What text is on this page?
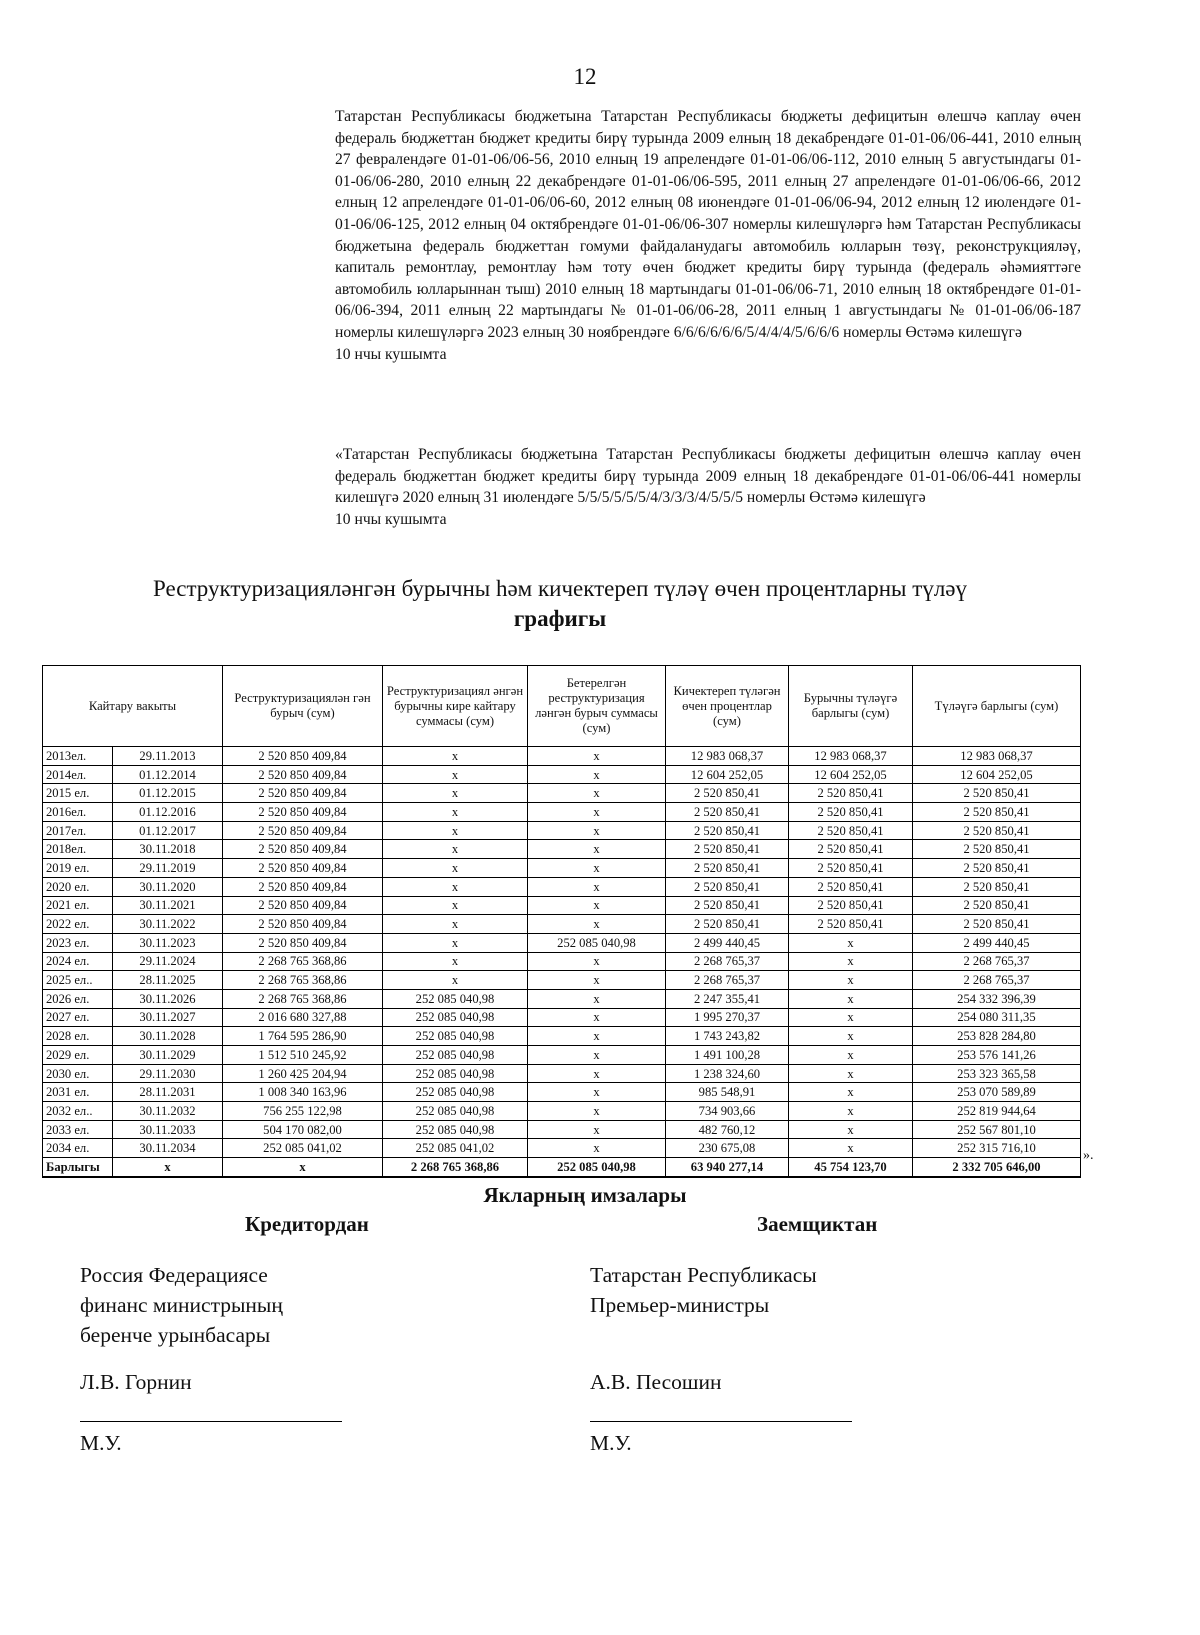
12

Татарстан Республикасы бюджетына Татарстан Республикасы бюджеты дефицитын өлешчә каплау өчен федераль бюджеттан бюджет кредиты бирү турында 2009 елның 18 декабрендәге 01-01-06/06-441, 2010 елның 27 февралендәге 01-01-06/06-56, 2010 елның 19 апрелендәге 01-01-06/06-112, 2010 елның 5 августындагы 01-01-06/06-280, 2010 елның 22 декабрендәге 01-01-06/06-595, 2011 елның 27 апрелендәге 01-01-06/06-66, 2012 елның 12 апрелендәге 01-01-06/06-60, 2012 елның 08 июнендәге 01-01-06/06-94, 2012 елның 12 июлендәге 01-01-06/06-125, 2012 елның 04 октябрендәге 01-01-06/06-307 номерлы килешүләргә һәм Татарстан Республикасы бюджетына федераль бюджеттан гомуми файдаланудагы автомобиль юлларын төзү, реконструкцияләү, капиталь ремонтлау, ремонтлау һәм тоту өчен бюджет кредиты бирү турында (федераль әһәмияттәге автомобиль юлларыннан тыш) 2010 елның 18 мартындагы 01-01-06/06-71, 2010 елның 18 октябрендәге 01-01-06/06-394, 2011 елның 22 мартындагы № 01-01-06/06-28, 2011 елның 1 августындагы № 01-01-06/06-187 номерлы килешүләргә 2023 елның 30 ноябрендәге 6/6/6/6/6/6/5/4/4/4/5/6/6/6 номерлы Өстәмә килешүгә

10 нчы кушымта

«Татарстан Республикасы бюджетына Татарстан Республикасы бюджеты дефицитын өлешчә каплау өчен федераль бюджеттан бюджет кредиты бирү турында 2009 елның 18 декабрендәге 01-01-06/06-441 номерлы килешүгә 2020 елның 31 июлендәге 5/5/5/5/5/5/4/3/3/3/4/5/5/5 номерлы Өстәмә килешүгә

10 нчы кушымта

Реструктуризацияләнгән бурычны һәм кичектереп түләү өчен процентларны түләү
графигы
Кайтару вакыты		Реструктуризациялән гән бурыч (сум)	Реструктуризациял әнгән бурычны кире кайтару суммасы (сум)	Бетерелгән реструктуризация ләнгән бурыч суммасы (сум)	Кичектереп түләгән өчен процентлар (сум)	Бурычны түләүгә барлыгы (сум)	Түләүгә барлыгы (сум)
2013ел.	29.11.2013	2 520 850 409,84	x	x	12 983 068,37	12 983 068,37	12 983 068,37
2014ел.	01.12.2014	2 520 850 409,84	x	x	12 604 252,05	12 604 252,05	12 604 252,05
2015 ел.	01.12.2015	2 520 850 409,84	x	x	2 520 850,41	2 520 850,41	2 520 850,41
2016ел.	01.12.2016	2 520 850 409,84	x	x	2 520 850,41	2 520 850,41	2 520 850,41
2017ел.	01.12.2017	2 520 850 409,84	x	x	2 520 850,41	2 520 850,41	2 520 850,41
2018ел.	30.11.2018	2 520 850 409,84	x	x	2 520 850,41	2 520 850,41	2 520 850,41
2019 ел.	29.11.2019	2 520 850 409,84	x	x	2 520 850,41	2 520 850,41	2 520 850,41
2020 ел.	30.11.2020	2 520 850 409,84	x	x	2 520 850,41	2 520 850,41	2 520 850,41
2021 ел.	30.11.2021	2 520 850 409,84	x	x	2 520 850,41	2 520 850,41	2 520 850,41
2022 ел.	30.11.2022	2 520 850 409,84	x	x	2 520 850,41	2 520 850,41	2 520 850,41
2023 ел.	30.11.2023	2 520 850 409,84	x	252 085 040,98	2 499 440,45	x	2 499 440,45
2024 ел.	29.11.2024	2 268 765 368,86	x	x	2 268 765,37	x	2 268 765,37
2025 ел..	28.11.2025	2 268 765 368,86	x	x	2 268 765,37	x	2 268 765,37
2026 ел.	30.11.2026	2 268 765 368,86	252 085 040,98	x	2 247 355,41	x	254 332 396,39
2027 ел.	30.11.2027	2 016 680 327,88	252 085 040,98	x	1 995 270,37	x	254 080 311,35
2028 ел.	30.11.2028	1 764 595 286,90	252 085 040,98	x	1 743 243,82	x	253 828 284,80
2029 ел.	30.11.2029	1 512 510 245,92	252 085 040,98	x	1 491 100,28	x	253 576 141,26
2030 ел.	29.11.2030	1 260 425 204,94	252 085 040,98	x	1 238 324,60	x	253 323 365,58
2031 ел.	28.11.2031	1 008 340 163,96	252 085 040,98	x	985 548,91	x	253 070 589,89
2032 ел..	30.11.2032	756 255 122,98	252 085 040,98	x	734 903,66	x	252 819 944,64
2033 ел.	30.11.2033	504 170 082,00	252 085 040,98	x	482 760,12	x	252 567 801,10
2034 ел.	30.11.2034	252 085 041,02	252 085 041,02	x	230 675,08	x	252 315 716,10
Барлыгы	x	x	2 268 765 368,86	252 085 040,98	63 940 277,14	45 754 123,70	2 332 705 646,00
».
Якларның имзалары
Кредитордан	Заемщиктан
Россия Федерациясе
финанс министрының
беренче урынбасары
Л.В. Горнин
М.У.
Татарстан Республикасы
Премьер-министры
А.В. Песошин
М.У.
